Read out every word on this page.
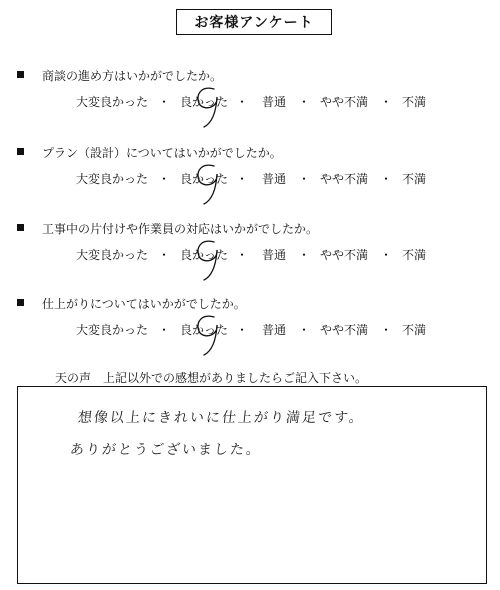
お客様アンケート
商談の進め方はいかがでしたか。
大変良かった ・ 良かった ・ 普通 ・ やや不満 ・ 不満
プラン（設計）についてはいかがでしたか。
大変良かった ・ 良かった ・ 普通 ・ やや不満 ・ 不満
工事中の片付けや作業員の対応はいかがでしたか。
大変良かった ・ 良かった ・ 普通 ・ やや不満 ・ 不満
仕上がりについてはいかがでしたか。
大変良かった ・ 良かった ・ 普通 ・ やや不満 ・ 不満
天の声　上記以外での感想がありましたらご記入下さい。
想像以上にきれいに仕上がり満足です。
ありがとうございました。
